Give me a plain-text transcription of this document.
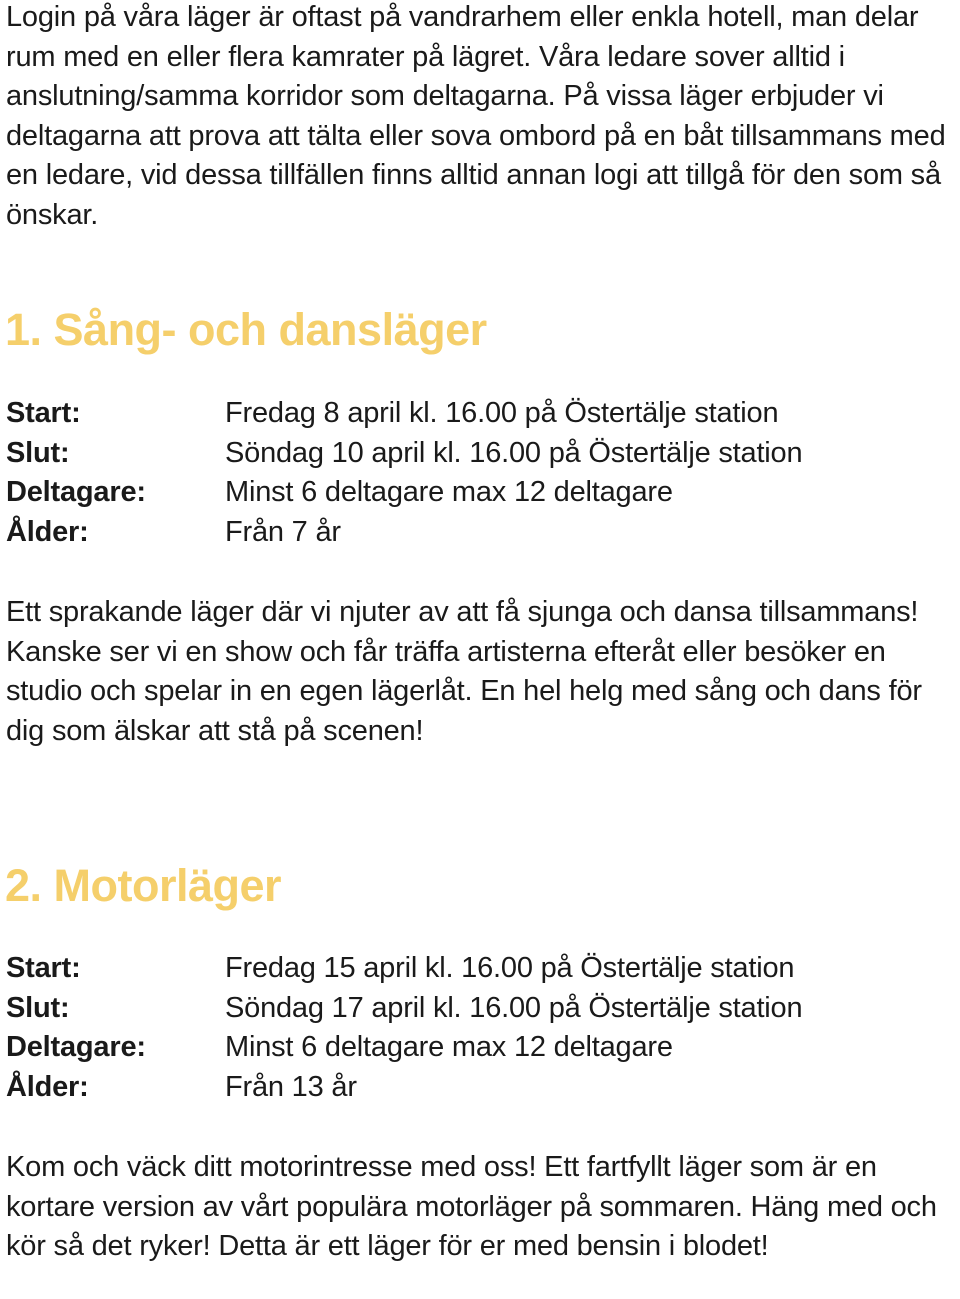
Login på våra läger är oftast på vandrarhem eller enkla hotell, man delar rum med en eller flera kamrater på lägret. Våra ledare sover alltid i anslutning/samma korridor som deltagarna. På vissa läger erbjuder vi deltagarna att prova att tälta eller sova ombord på en båt tillsammans med en ledare, vid dessa tillfällen finns alltid annan logi att tillgå för den som så önskar.

1. Sång- och dansläger
Start:	Fredag 8 april kl. 16.00 på Östertälje station
Slut:	Söndag 10 april kl. 16.00 på Östertälje station
Deltagare:	Minst 6 deltagare max 12 deltagare
Ålder:	Från 7 år

Ett sprakande läger där vi njuter av att få sjunga och dansa tillsammans! Kanske ser vi en show och får träffa artisterna efteråt eller besöker en studio och spelar in en egen lägerlåt. En hel helg med sång och dans för dig som älskar att stå på scenen!

2. Motorläger
Start:	Fredag 15 april kl. 16.00 på Östertälje station
Slut:	Söndag 17 april kl. 16.00 på Östertälje station
Deltagare:	Minst 6 deltagare max 12 deltagare
Ålder:	Från 13 år

Kom och väck ditt motorintresse med oss! Ett fartfyllt läger som är en kortare version av vårt populära motorläger på sommaren. Häng med och kör så det ryker! Detta är ett läger för er med bensin i blodet!
